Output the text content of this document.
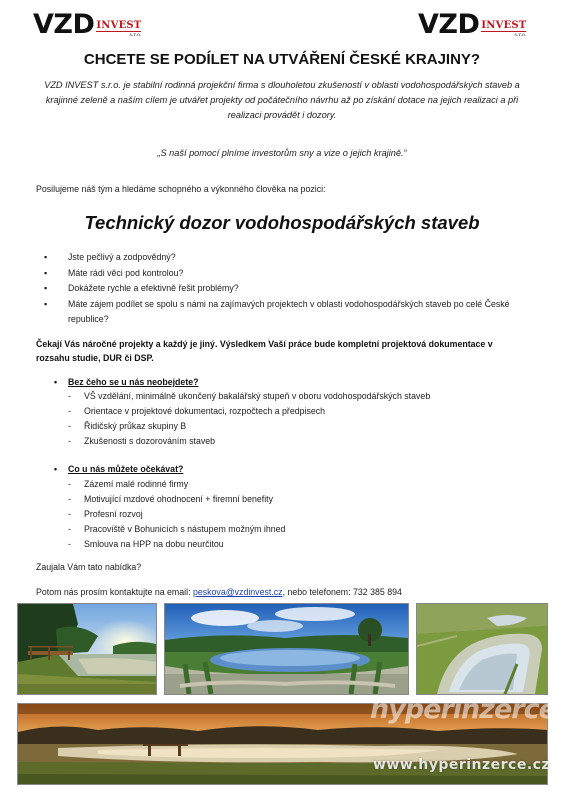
VZD INVEST
s.r.o.	VZD INVEST
s.r.o.
CHCETE SE PODÍLET NA UTVÁŘENÍ ČESKÉ KRAJINY?

VZD INVEST s.r.o. je stabilní rodinná projekční firma s dlouholetou zkušeností v oblasti vodohospodářských staveb a krajinné zeleně a naším cílem je utvářet projekty od počátečního návrhu až po získání dotace na jejich realizaci a při realizaci provádět i dozory.

„S naší pomocí plníme investorům sny a vize o jejich krajině.“

Posilujeme náš tým a hledáme schopného a výkonného člověka na pozici:

Technický dozor vodohospodářských staveb

▪ Jste pečlivý a zodpovědný?
▪ Máte rádi věci pod kontrolou?
▪ Dokážete rychle a efektivně řešit problémy?
▪ Máte zájem podílet se spolu s námi na zajímavých projektech v oblasti vodohospodářských staveb po celé České republice?

Čekají Vás náročné projekty a každý je jiný. Výsledkem Vaší práce bude kompletní projektová dokumentace v rozsahu studie, DUR či DSP.

• Bez čeho se u nás neobejdete?

- VŠ vzdělání, minimálně ukončený bakalářský stupeň v oboru vodohospodářských staveb
- Orientace v projektové dokumentaci, rozpočtech a předpisech
- Řidičský průkaz skupiny B
- Zkušenosti s dozorováním staveb

• Co u nás můžete očekávat?

- Zázemí malé rodinné firmy
- Motivující mzdové ohodnocení + firemní benefity
- Profesní rozvoj
- Pracoviště v Bohunicích s nástupem možným ihned
- Smlouva na HPP na dobu neurčitou

Zaujala Vám tato nabídka?

Potom nás prosím kontaktujte na email: peskova@vzdinvest.cz, nebo telefonem: 732 385 894

hyperinzerce
www.hyperinzerce.cz
